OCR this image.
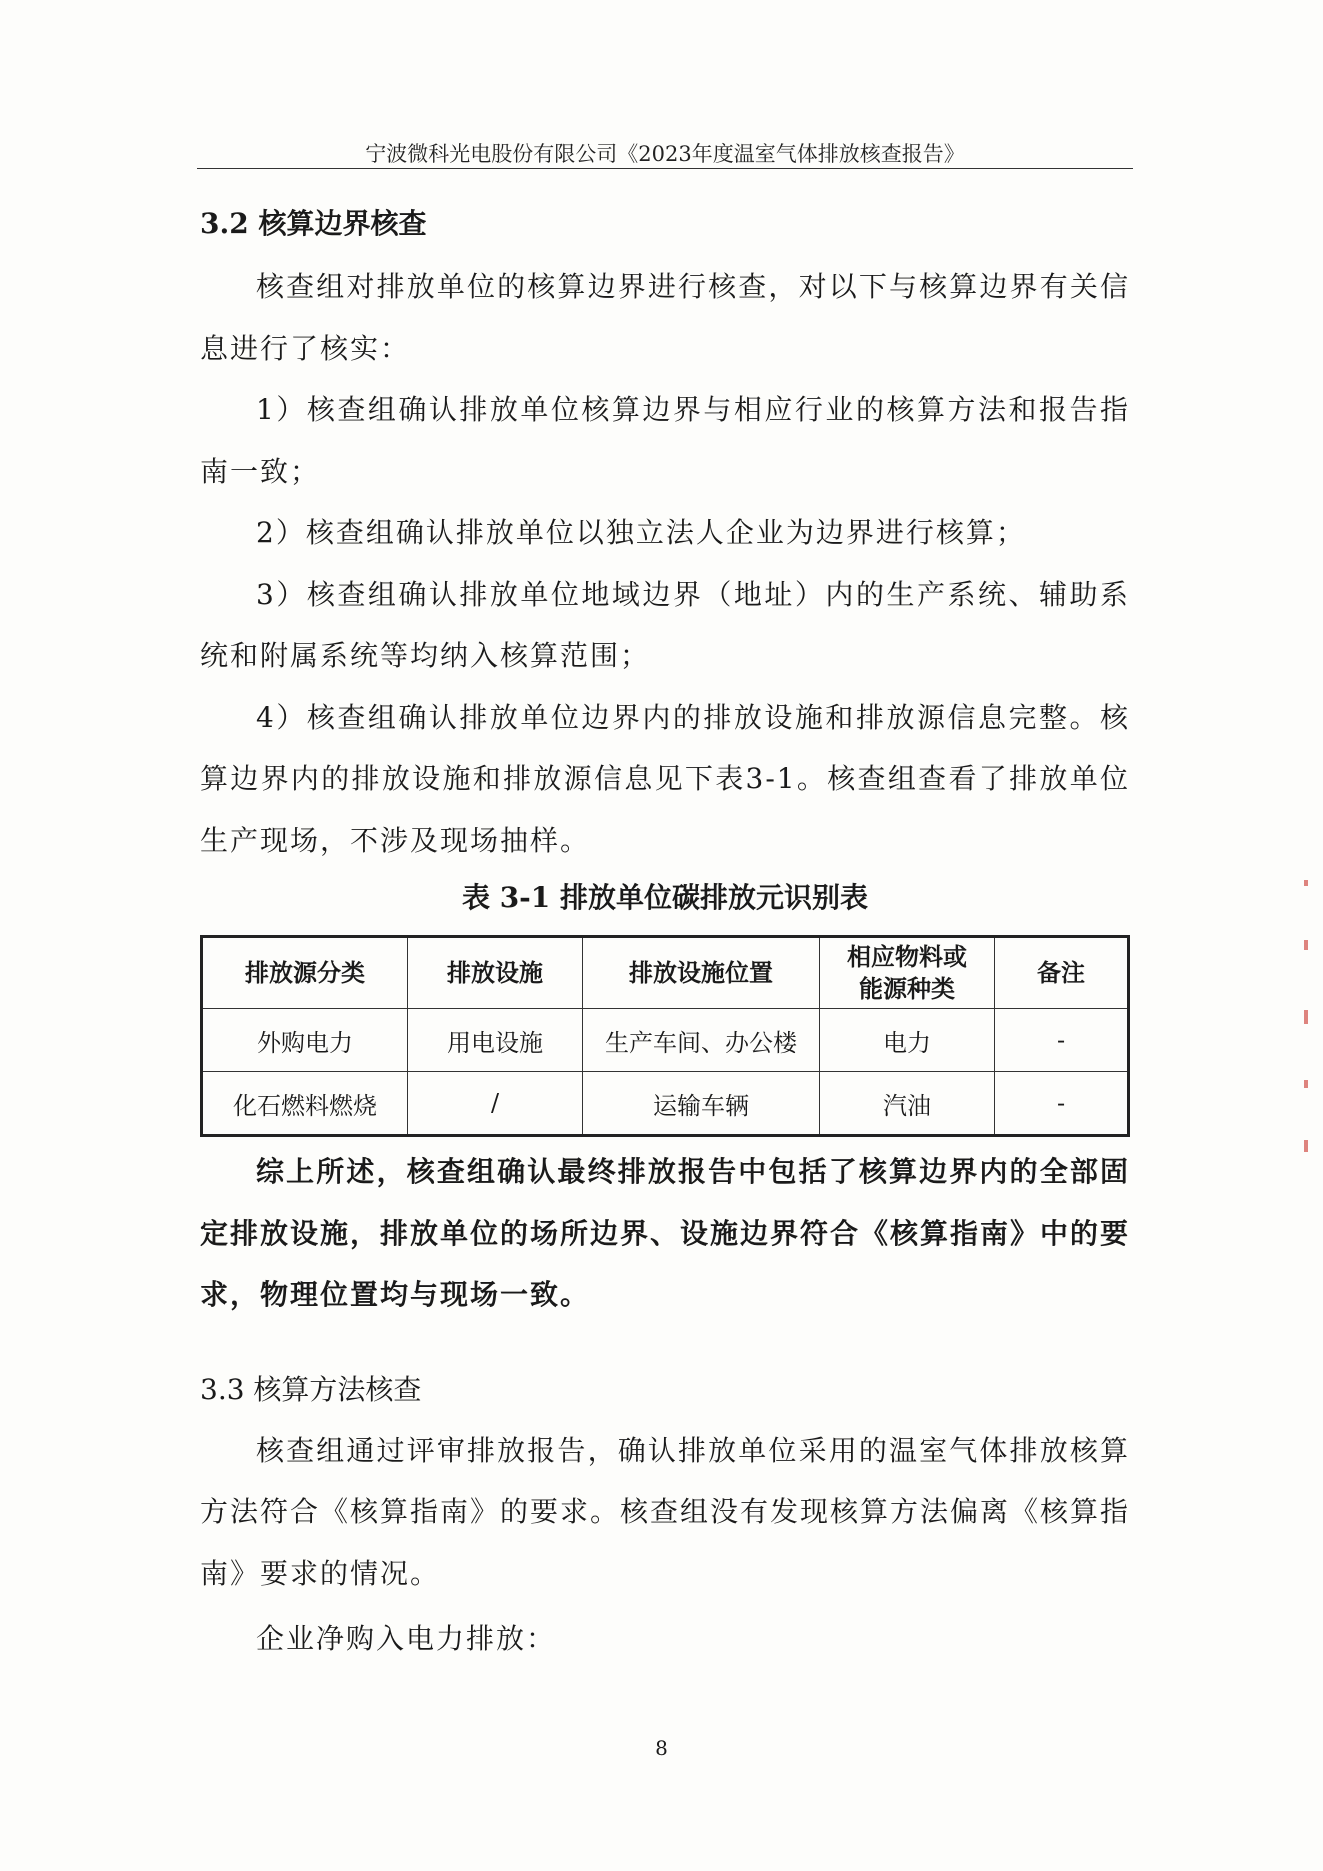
宁波微科光电股份有限公司《2023年度温室气体排放核查报告》
3.2 核算边界核查

核查组对排放单位的核算边界进行核查，对以下与核算边界有关信息进行了核实：

1）核查组确认排放单位核算边界与相应行业的核算方法和报告指南一致；

2）核查组确认排放单位以独立法人企业为边界进行核算；

3）核查组确认排放单位地域边界（地址）内的生产系统、辅助系统和附属系统等均纳入核算范围；

4）核查组确认排放单位边界内的排放设施和排放源信息完整。核算边界内的排放设施和排放源信息见下表3-1。核查组查看了排放单位生产现场，不涉及现场抽样。

表 3-1 排放单位碳排放元识别表
排放源分类	排放设施	排放设施位置	相应物料或能源种类	备注
外购电力	用电设施	生产车间、办公楼	电力	-
化石燃料燃烧	/	运输车辆	汽油	-

综上所述，核查组确认最终排放报告中包括了核算边界内的全部固定排放设施，排放单位的场所边界、设施边界符合《核算指南》中的要求，物理位置均与现场一致。

3.3 核算方法核查

核查组通过评审排放报告，确认排放单位采用的温室气体排放核算方法符合《核算指南》的要求。核查组没有发现核算方法偏离《核算指南》要求的情况。

企业净购入电力排放：

8
